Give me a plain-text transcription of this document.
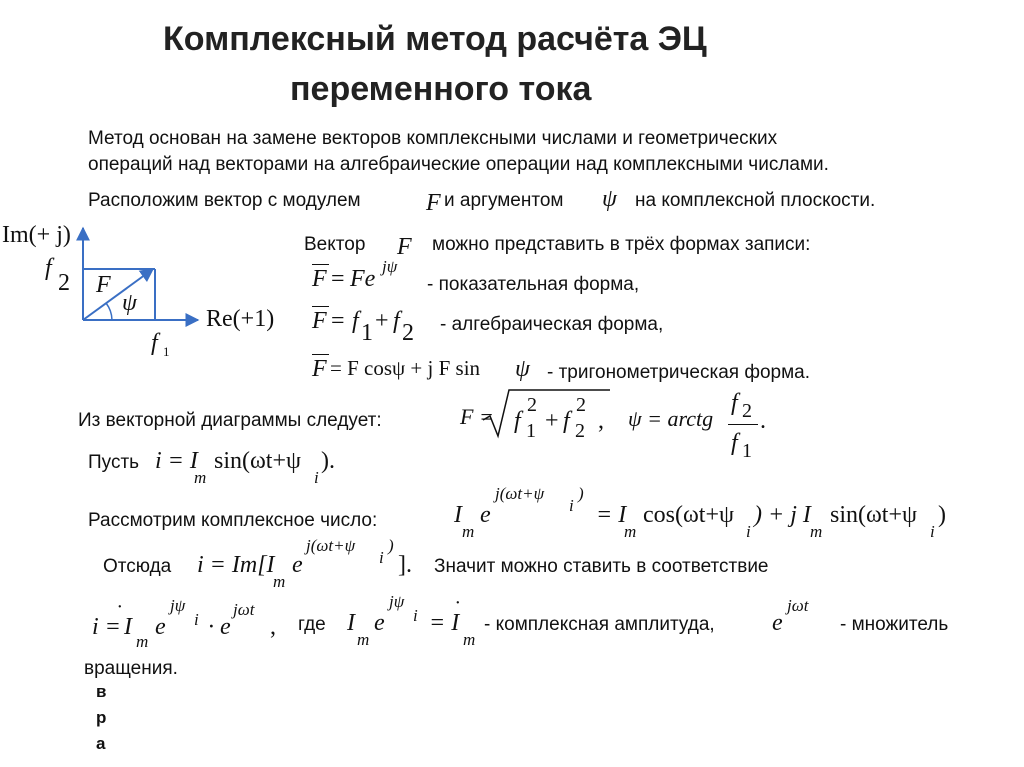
Комплексный метод расчёта ЭЦ
переменного тока
Метод основан на замене векторов комплексными числами и геометрических
операций над векторами на алгебраические операции над комплексными числами.
Расположим вектор с модулем	F и аргументом ψ на комплексной плоскости.
Im(+ j)
f
2 F
ψ
Re(+1)
f 1
Вектор F можно представить в трёх формах записи:
F = Fe jψ
- показательная форма,
F = f 1 + f 2 - алгебраическая форма,
F = F cosψ + j F sin ψ - тригонометрическая форма.
Из векторной диаграммы следует:	F = f
2
1 + f
2
2 , ψ = arctg
f 2
f 1
.
Пусть i = I
m
sin(ωt+ψ
i
).
Рассмотрим комплексное число:	I
m
e
j(ωt+ψ
i
)
= I
m
cos(ωt+ψ
i
) + j I
m
sin(ωt+ψ
i
)
Отсюда i = Im[I
m
e
j(ωt+ψ
i
)
]. Значит можно ставить в соответствие
i =
·
I
m
e
jψ
i · e
jωt
, где I
m
e
jψ
i
·
= I
m
- комплексная амплитуда, e
jωt
- множитель
вращения.
в
р
а
